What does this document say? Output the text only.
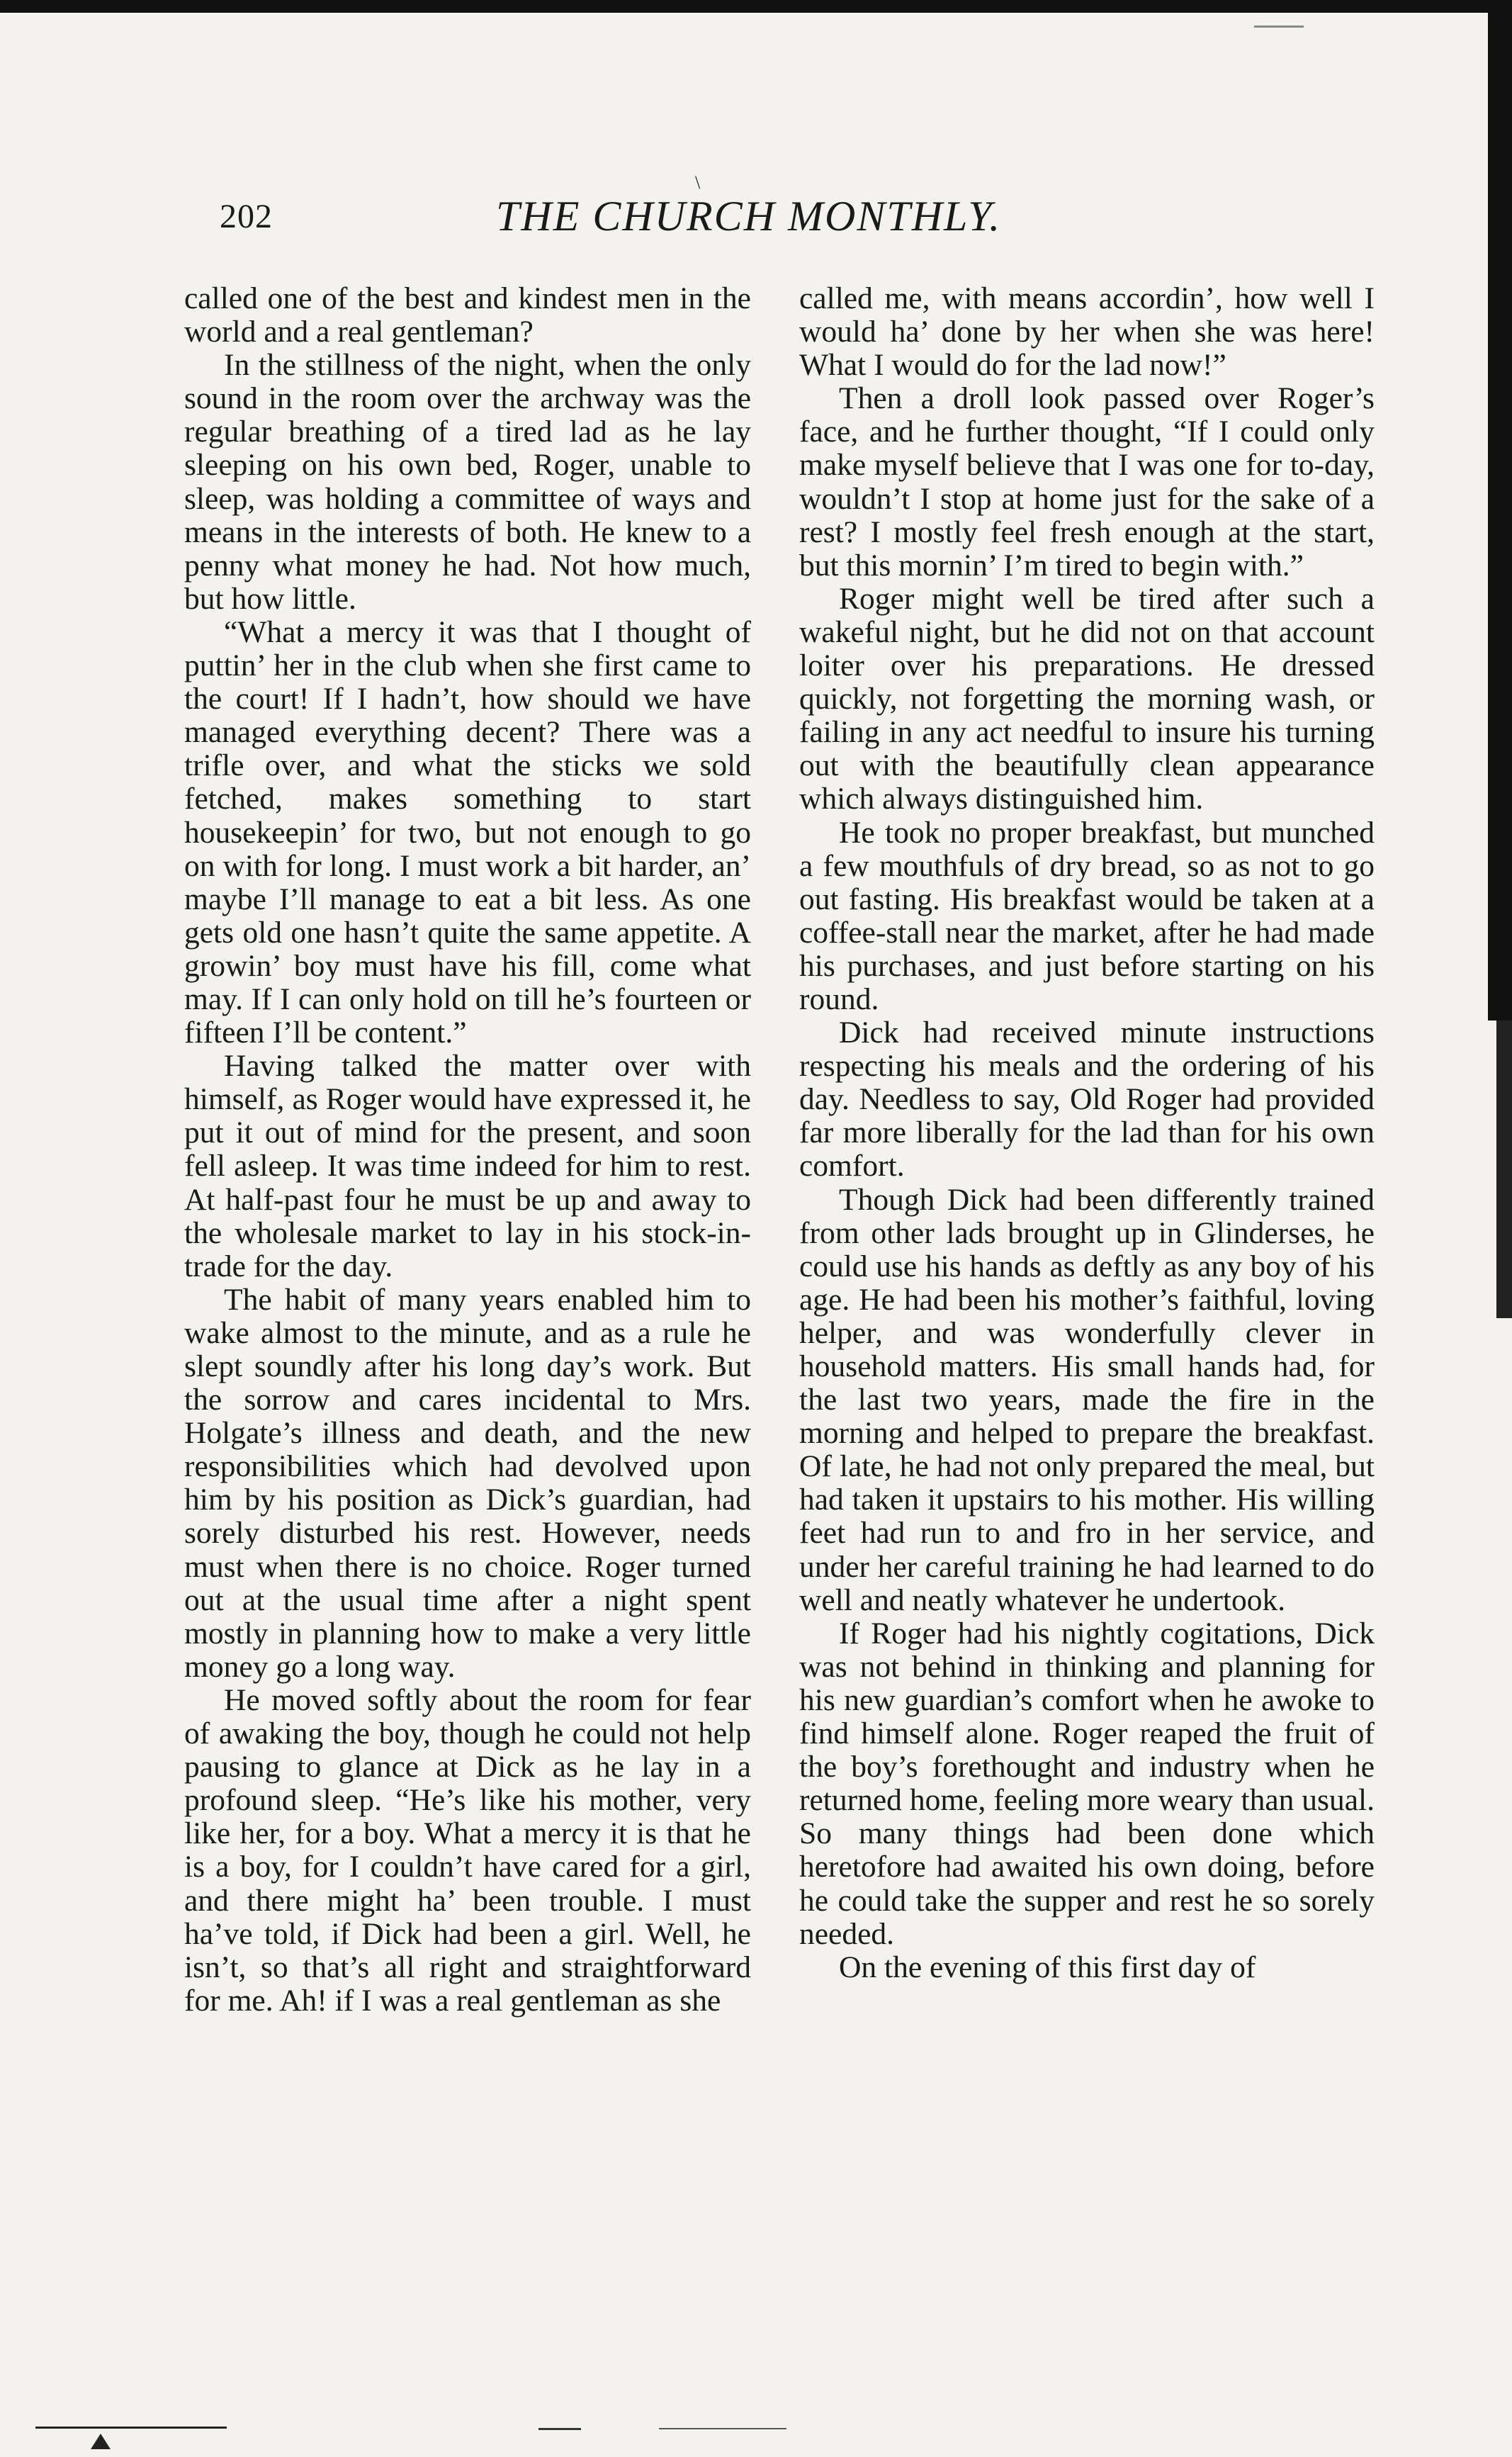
\
202	THE CHURCH MONTHLY.

called one of the best and kindest men in the world and a real gentleman?

In the stillness of the night, when the only sound in the room over the archway was the regular breathing of a tired lad as he lay sleeping on his own bed, Roger, unable to sleep, was holding a committee of ways and means in the interests of both. He knew to a penny what money he had. Not how much, but how little.

“What a mercy it was that I thought of puttin’ her in the club when she first came to the court! If I hadn’t, how should we have managed everything decent? There was a trifle over, and what the sticks we sold fetched, makes something to start housekeepin’ for two, but not enough to go on with for long. I must work a bit harder, an’ maybe I’ll manage to eat a bit less. As one gets old one hasn’t quite the same appetite. A growin’ boy must have his fill, come what may. If I can only hold on till he’s fourteen or fifteen I’ll be content.”

Having talked the matter over with himself, as Roger would have expressed it, he put it out of mind for the present, and soon fell asleep. It was time indeed for him to rest. At half-past four he must be up and away to the wholesale market to lay in his stock-in-trade for the day.

The habit of many years enabled him to wake almost to the minute, and as a rule he slept soundly after his long day’s work. But the sorrow and cares incidental to Mrs. Holgate’s illness and death, and the new responsibilities which had devolved upon him by his position as Dick’s guardian, had sorely disturbed his rest. However, needs must when there is no choice. Roger turned out at the usual time after a night spent mostly in planning how to make a very little money go a long way.

He moved softly about the room for fear of awaking the boy, though he could not help pausing to glance at Dick as he lay in a profound sleep. “He’s like his mother, very like her, for a boy. What a mercy it is that he is a boy, for I couldn’t have cared for a girl, and there might ha’ been trouble. I must ha’ve told, if Dick had been a girl. Well, he isn’t, so that’s all right and straightforward for me. Ah! if I was a real gentleman as she

called me, with means accordin’, how well I would ha’ done by her when she was here! What I would do for the lad now!”

Then a droll look passed over Roger’s face, and he further thought, “If I could only make myself believe that I was one for to-day, wouldn’t I stop at home just for the sake of a rest? I mostly feel fresh enough at the start, but this mornin’ I’m tired to begin with.”

Roger might well be tired after such a wakeful night, but he did not on that account loiter over his preparations. He dressed quickly, not forgetting the morning wash, or failing in any act needful to insure his turning out with the beautifully clean appearance which always distinguished him.

He took no proper breakfast, but munched a few mouthfuls of dry bread, so as not to go out fasting. His breakfast would be taken at a coffee-stall near the market, after he had made his purchases, and just before starting on his round.

Dick had received minute instructions respecting his meals and the ordering of his day. Needless to say, Old Roger had provided far more liberally for the lad than for his own comfort.

Though Dick had been differently trained from other lads brought up in Glinderses, he could use his hands as deftly as any boy of his age. He had been his mother’s faithful, loving helper, and was wonderfully clever in household matters. His small hands had, for the last two years, made the fire in the morning and helped to prepare the breakfast. Of late, he had not only prepared the meal, but had taken it upstairs to his mother. His willing feet had run to and fro in her service, and under her careful training he had learned to do well and neatly whatever he undertook.

If Roger had his nightly cogitations, Dick was not behind in thinking and planning for his new guardian’s comfort when he awoke to find himself alone. Roger reaped the fruit of the boy’s forethought and industry when he returned home, feeling more weary than usual. So many things had been done which heretofore had awaited his own doing, before he could take the supper and rest he so sorely needed.

On the evening of this first day of
